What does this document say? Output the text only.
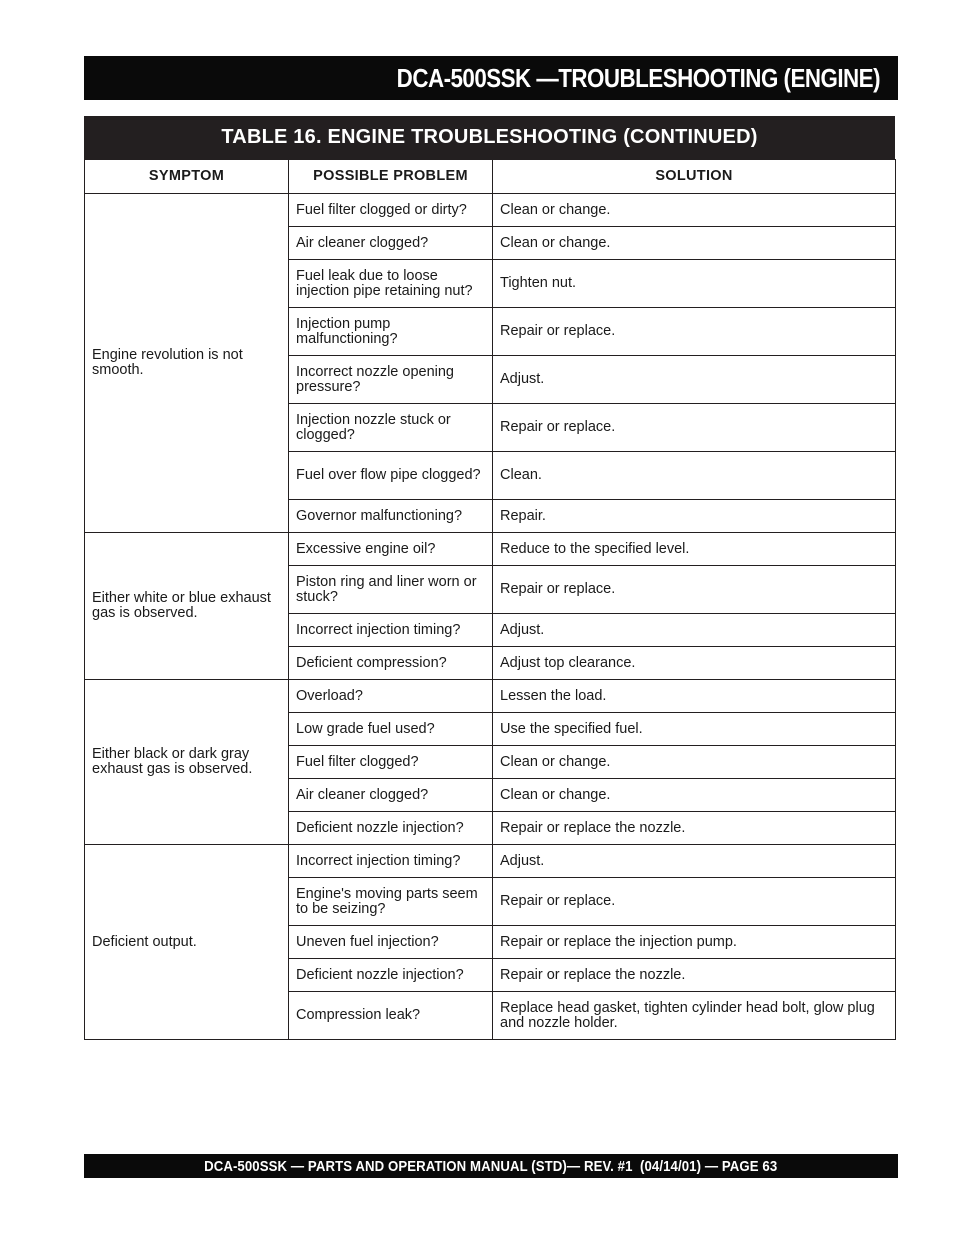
DCA-500SSK —TROUBLESHOOTING (ENGINE)
TABLE 16. ENGINE TROUBLESHOOTING (CONTINUED)
SYMPTOM	POSSIBLE PROBLEM	SOLUTION
Engine revolution is not smooth.	Fuel filter clogged or dirty?	Clean or change.
	Air cleaner clogged?	Clean or change.
	Fuel leak due to loose injection pipe retaining nut?	Tighten nut.
	Injection pump malfunctioning?	Repair or replace.
	Incorrect nozzle opening pressure?	Adjust.
	Injection nozzle stuck or clogged?	Repair or replace.
	Fuel over flow pipe clogged?	Clean.
	Governor malfunctioning?	Repair.
Either white or blue exhaust gas is observed.	Excessive engine oil?	Reduce to the specified level.
	Piston ring and liner worn or stuck?	Repair or replace.
	Incorrect injection timing?	Adjust.
	Deficient compression?	Adjust top clearance.
Either black or dark gray exhaust gas is observed.	Overload?	Lessen the load.
	Low grade fuel used?	Use the specified fuel.
	Fuel filter clogged?	Clean or change.
	Air cleaner clogged?	Clean or change.
	Deficient nozzle injection?	Repair or replace the nozzle.
Deficient output.	Incorrect injection timing?	Adjust.
	Engine's moving parts seem to be seizing?	Repair or replace.
	Uneven fuel injection?	Repair or replace the injection pump.
	Deficient nozzle injection?	Repair or replace the nozzle.
	Compression leak?	Replace head gasket, tighten cylinder head bolt, glow plug and nozzle holder.
DCA-500SSK — PARTS AND OPERATION MANUAL (STD)— REV. #1  (04/14/01) — PAGE 63
